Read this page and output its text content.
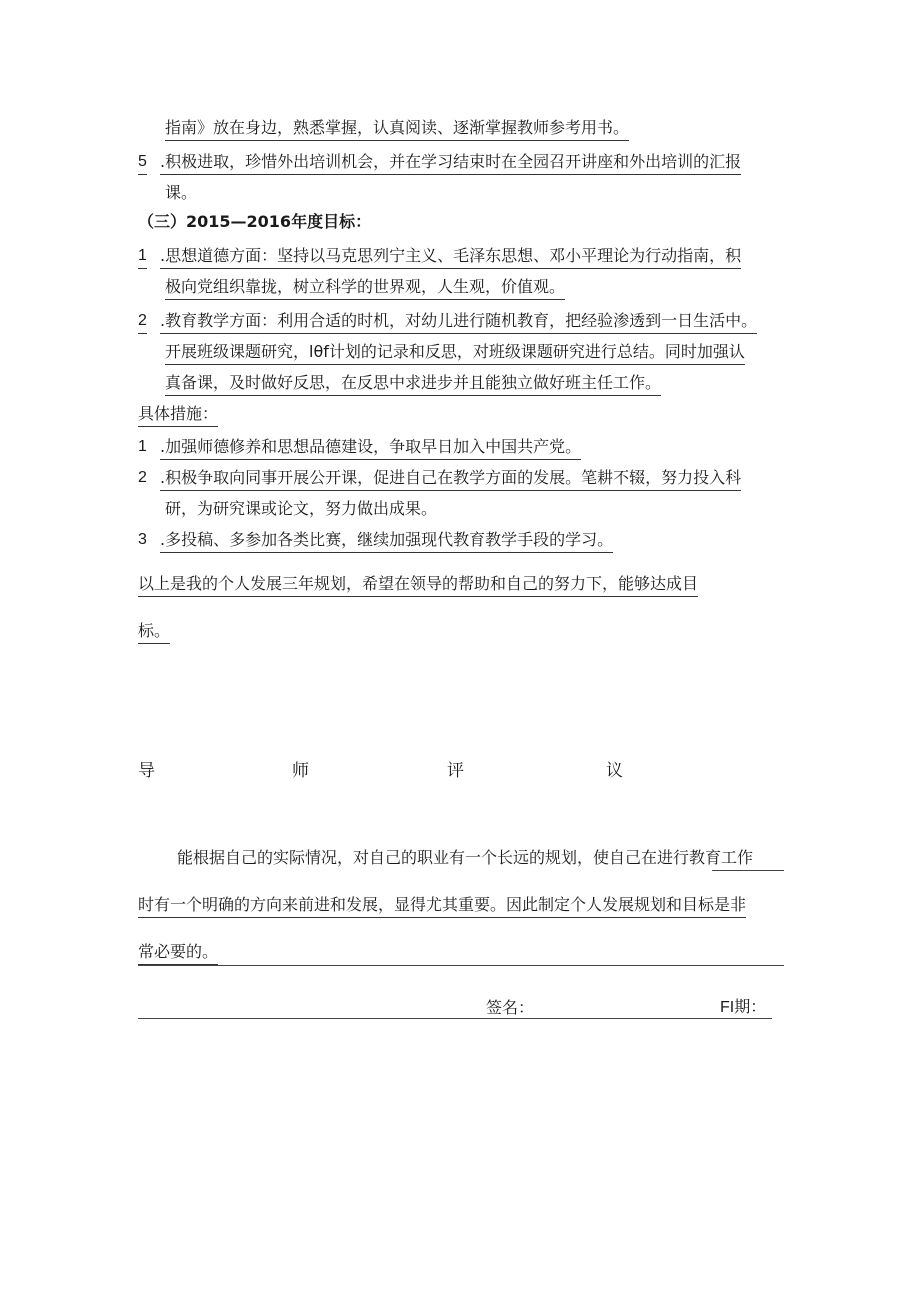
指南》放在身边，熟悉掌握，认真阅读、逐渐掌握教师参考用书。
5 .积极进取，珍惜外出培训机会，并在学习结束时在全园召开讲座和外出培训的汇报
课。
（三）2015—2016年度目标：
1 .思想道德方面：坚持以马克思列宁主义、毛泽东思想、邓小平理论为行动指南，积
极向党组织靠拢，树立科学的世界观，人生观，价值观。
2 .教育教学方面：利用合适的时机，对幼儿进行随机教育，把经验渗透到一日生活中。
开展班级课题研究，lθf计划的记录和反思，对班级课题研究进行总结。同时加强认
真备课，及时做好反思，在反思中求进步并且能独立做好班主任工作。
具体措施：
1 .加强师德修养和思想品德建设，争取早日加入中国共产党。
2 .积极争取向同事开展公开课，促进自己在教学方面的发展。笔耕不辍，努力投入科
研，为研究课或论文，努力做出成果。
3 .多投稿、多参加各类比赛，继续加强现代教育教学手段的学习。
以上是我的个人发展三年规划，希望在领导的帮助和自己的努力下，能够达成目
标。
导	师	评	议
能根据自己的实际情况，对自己的职业有一个长远的规划，使自己在进行教育工作
时有一个明确的方向来前进和发展，显得尤其重要。因此制定个人发展规划和目标是非
常必要的。
签名：	FI期：
